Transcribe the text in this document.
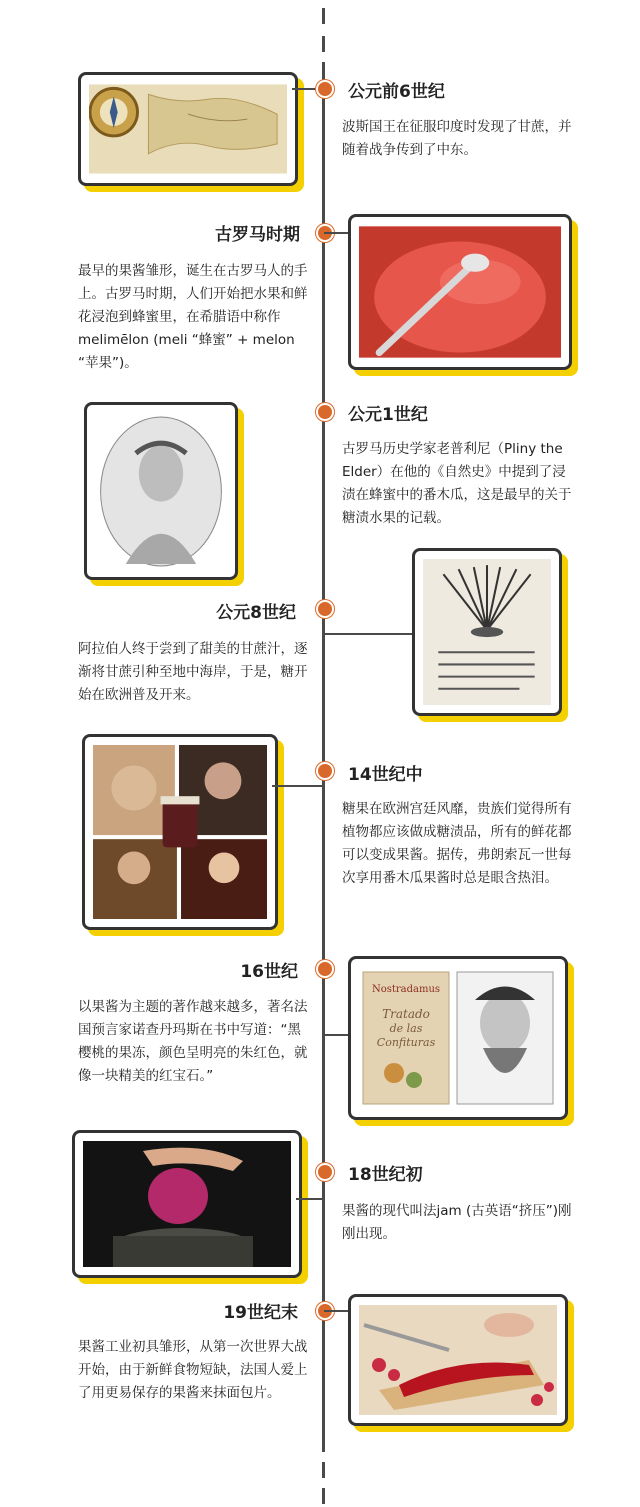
公元前6世纪
波斯国王在征服印度时发现了甘蔗，并随着战争传到了中东。
古罗马时期
最早的果酱雏形，诞生在古罗马人的手上。古罗马时期，人们开始把水果和鲜花浸泡到蜂蜜里，在希腊语中称作melimēlon (meli “蜂蜜” + melon “苹果”)。
公元1世纪
古罗马历史学家老普利尼（Pliny the Elder）在他的《自然史》中提到了浸渍在蜂蜜中的番木瓜，这是最早的关于糖渍水果的记载。
公元8世纪
阿拉伯人终于尝到了甜美的甘蔗汁，逐渐将甘蔗引种至地中海岸，于是，糖开始在欧洲普及开来。
14世纪中
糖果在欧洲宫廷风靡，贵族们觉得所有植物都应该做成糖渍品，所有的鲜花都可以变成果酱。据传，弗朗索瓦一世每次享用番木瓜果酱时总是眼含热泪。
16世纪
以果酱为主题的著作越来越多，著名法国预言家诺查丹玛斯在书中写道：“黑樱桃的果冻，颜色呈明亮的朱红色，就像一块精美的红宝石。”
Nostradamus
Tratado
de las
Confituras
18世纪初
果酱的现代叫法jam (古英语“挤压”)刚刚出现。
19世纪末
果酱工业初具雏形，从第一次世界大战开始，由于新鲜食物短缺，法国人爱上了用更易保存的果酱来抹面包片。
